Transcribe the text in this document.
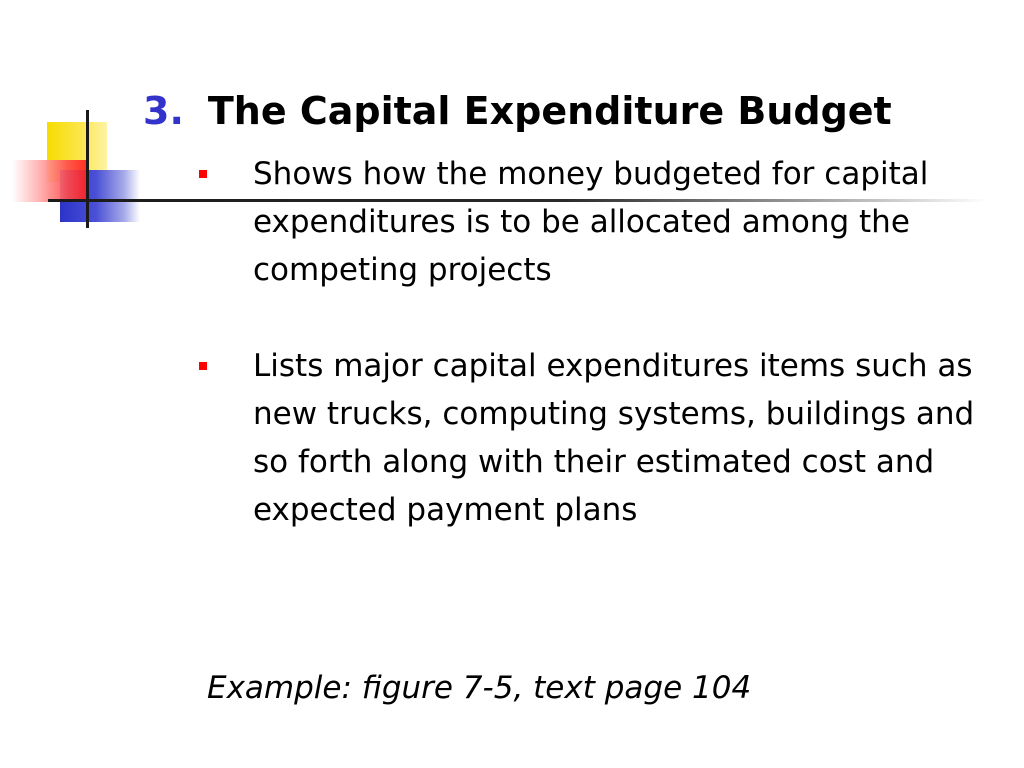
3. The Capital Expenditure Budget
Shows how the money budgeted for capital expenditures is to be allocated among the competing projects
Lists major capital expenditures items such as new trucks, computing systems, buildings and so forth along with their estimated cost and expected payment plans
Example: figure 7-5, text page 104
